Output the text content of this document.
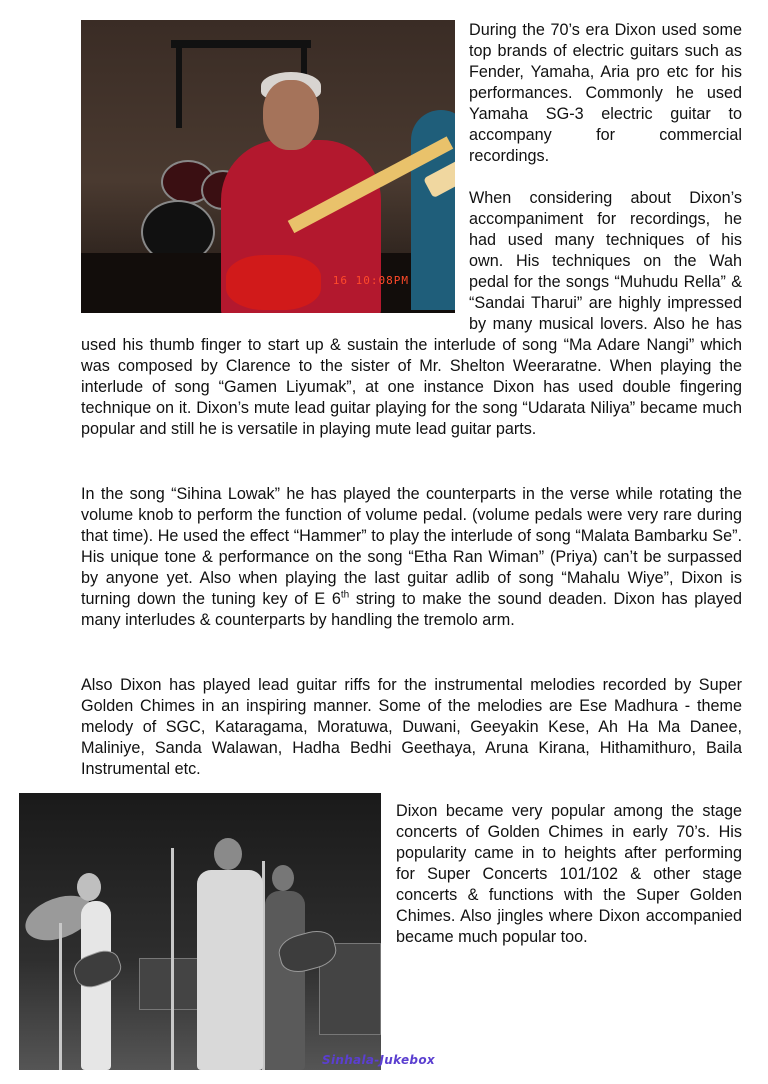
16 10:08PM
During the 70’s era Dixon used some top brands of electric guitars such as Fender, Yamaha, Aria pro etc for his performances. Commonly he used Yamaha SG-3 electric guitar to accompany for commercial recordings.

When considering about Dixon’s accompaniment for recordings, he had used many techniques of his own. His techniques on the Wah pedal for the songs “Muhudu Rella” & “Sandai Tharui” are highly impressed by many musical lovers. Also he has used his thumb finger to start up & sustain the interlude of song “Ma Adare Nangi” which was composed by Clarence to the sister of Mr. Shelton Weeraratne. When playing the interlude of song “Gamen Liyumak”, at one instance Dixon has used double fingering technique on it. Dixon’s mute lead guitar playing for the song “Udarata Niliya” became much popular and still he is versatile in playing mute lead guitar parts.

In the song “Sihina Lowak” he has played the counterparts in the verse while rotating the volume knob to perform the function of volume pedal. (volume pedals were very rare during that time). He used the effect “Hammer” to play the interlude of song “Malata Bambarku Se”. His unique tone & performance on the song “Etha Ran Wiman” (Priya) can’t be surpassed by anyone yet. Also when playing the last guitar adlib of song “Mahalu Wiye”, Dixon is turning down the tuning key of E 6th string to make the sound deaden. Dixon has played many interludes & counterparts by handling the tremolo arm.

Also Dixon has played lead guitar riffs for the instrumental melodies recorded by Super Golden Chimes in an inspiring manner. Some of the melodies are Ese Madhura - theme melody of SGC, Kataragama, Moratuwa, Duwani, Geeyakin Kese, Ah Ha Ma Danee, Maliniye, Sanda Walawan, Hadha Bedhi Geethaya, Aruna Kirana, Hithamithuro, Baila Instrumental etc.

Dixon became very popular among the stage concerts of Golden Chimes in early 70’s. His popularity came in to heights after performing for Super Concerts 101/102 & other stage concerts & functions with the Super Golden Chimes. Also jingles where Dixon accompanied became much popular too.

Sinhala-Jukebox
